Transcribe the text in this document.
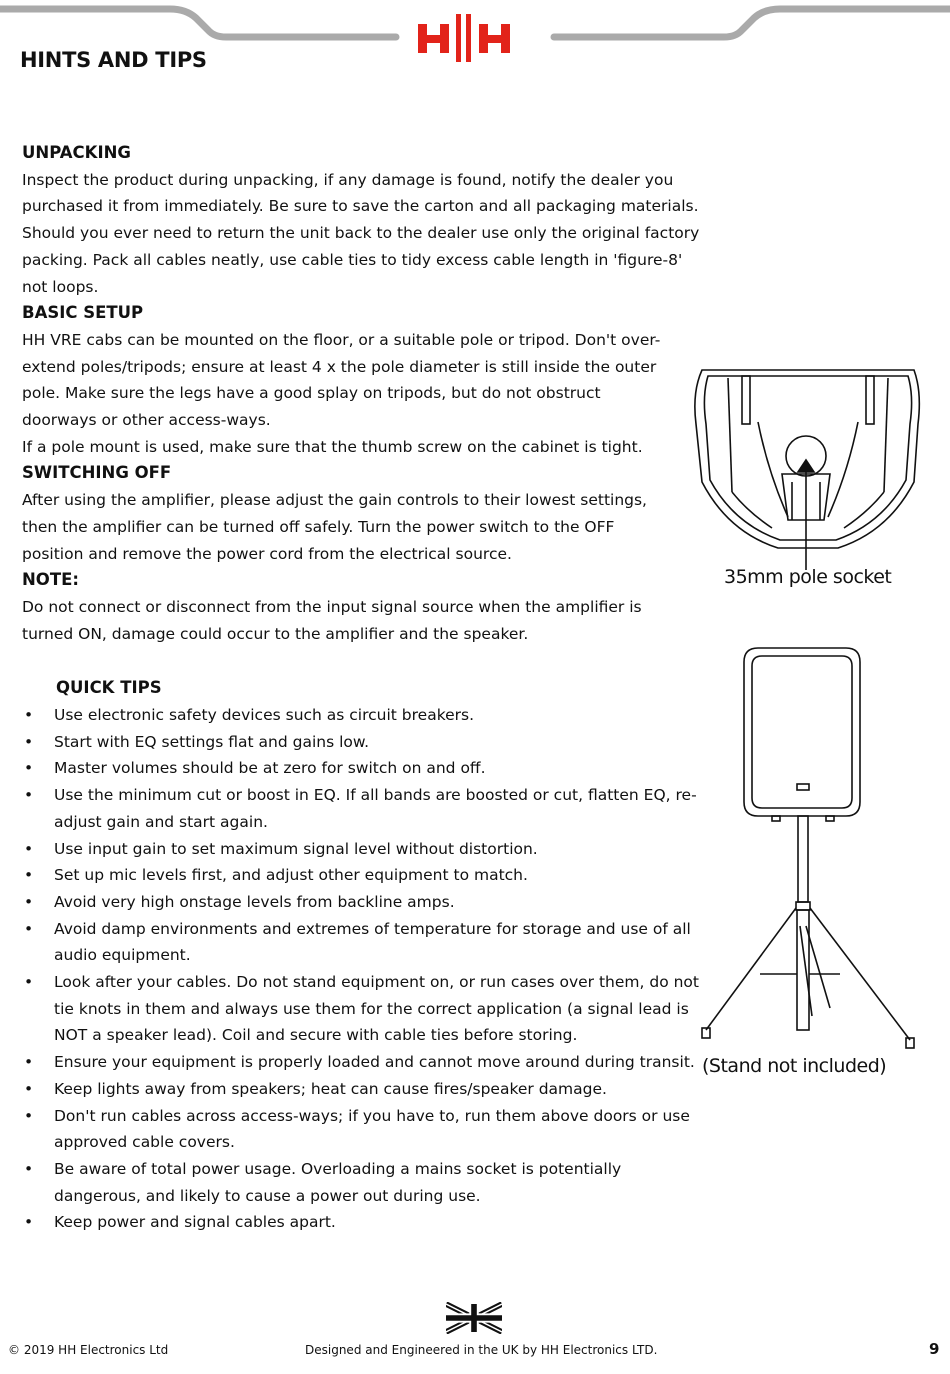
HINTS AND TIPS
UNPACKING

Inspect the product during unpacking, if any damage is found, notify the dealer you purchased it from immediately. Be sure to save the carton and all packaging materials. Should you ever need to return the unit back to the dealer use only the original factory packing. Pack all cables neatly, use cable ties to tidy excess cable length in 'figure-8' not loops.

BASIC SETUP

HH VRE cabs can be mounted on the floor, or a suitable pole or tripod. Don't over-extend poles/tripods; ensure at least 4 x the pole diameter is still inside the outer pole. Make sure the legs have a good splay on tripods, but do not obstruct doorways or other access-ways.

If a pole mount is used, make sure that the thumb screw on the cabinet is tight.

SWITCHING OFF

After using the amplifier, please adjust the gain controls to their lowest settings, then the amplifier can be turned off safely. Turn the power switch to the OFF position and remove the power cord from the electrical source.

NOTE:

Do not connect or disconnect from the input signal source when the amplifier is turned ON, damage could occur to the amplifier and the speaker.

QUICK TIPS
• Use electronic safety devices such as circuit breakers.
• Start with EQ settings flat and gains low.
• Master volumes should be at zero for switch on and off.
• Use the minimum cut or boost in EQ. If all bands are boosted or cut, flatten EQ, re-adjust gain and start again.
• Use input gain to set maximum signal level without distortion.
• Set up mic levels first, and adjust other equipment to match.
• Avoid very high onstage levels from backline amps.
• Avoid damp environments and extremes of temperature for storage and use of all audio equipment.
• Look after your cables. Do not stand equipment on, or run cases over them, do not tie knots in them and always use them for the correct application (a signal lead is NOT a speaker lead). Coil and secure with cable ties before storing.
• Ensure your equipment is properly loaded and cannot move around during transit.
• Keep lights away from speakers; heat can cause fires/speaker damage.
• Don't run cables across access-ways; if you have to, run them above doors or use approved cable covers.
• Be aware of total power usage. Overloading a mains socket is potentially dangerous, and likely to cause a power out during use.
• Keep power and signal cables apart.
35mm pole socket
(Stand not included)
© 2019 HH Electronics Ltd	Designed and Engineered in the UK by HH Electronics LTD.	9
